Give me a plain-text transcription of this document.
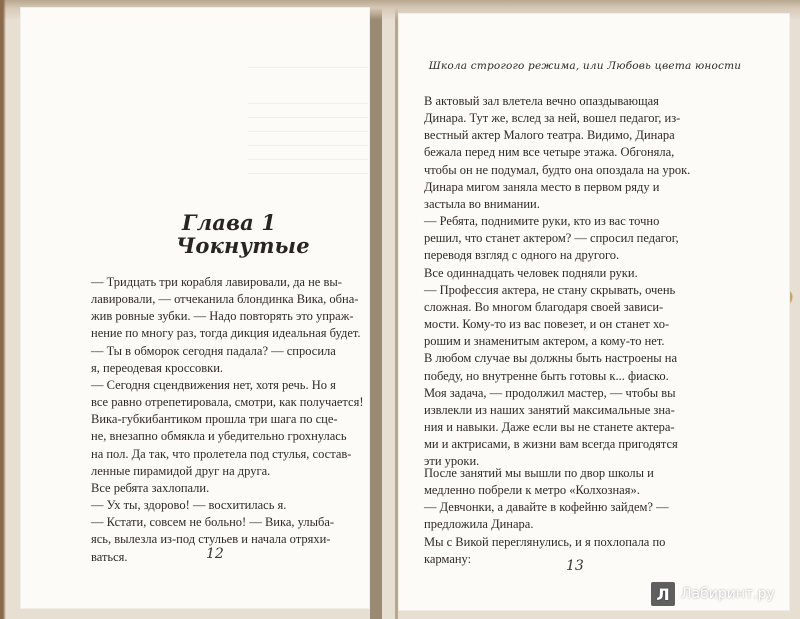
Школа строгого режима, или Любовь цвета юности
Глава 1
Чокнутые
— Тридцать три корабля лавировали, да не вы-
лавировали, — отчеканила блондинка Вика, обна-
жив ровные зубки. — Надо повторять это упраж-
нение по многу раз, тогда дикция идеальная будет.
— Ты в обморок сегодня падала? — спросила
я, переодевая кроссовки.
— Сегодня сцендвижения нет, хотя речь. Но я
все равно отрепетировала, смотри, как получается!
Вика-губкибантиком прошла три шага по сце-
не, внезапно обмякла и убедительно грохнулась
на пол. Да так, что пролетела под стулья, состав-
ленные пирамидой друг на друга.
Все ребята захлопали.
— Ух ты, здорово! — восхитилась я.
— Кстати, совсем не больно! — Вика, улыба-
ясь, вылезла из-под стульев и начала отряхи-
ваться.	12
В актовый зал влетела вечно опаздывающая
Динара. Тут же, вслед за ней, вошел педагог, из-
вестный актер Малого театра. Видимо, Динара
бежала перед ним все четыре этажа. Обгоняла,
чтобы он не подумал, будто она опоздала на урок.
Динара мигом заняла место в первом ряду и
застыла во внимании.
— Ребята, поднимите руки, кто из вас точно
решил, что станет актером? — спросил педагог,
переводя взгляд с одного на другого.
Все одиннадцать человек подняли руки.
— Профессия актера, не стану скрывать, очень
сложная. Во многом благодаря своей зависи-
мости. Кому-то из вас повезет, и он станет хо-
рошим и знаменитым актером, а кому-то нет.
В любом случае вы должны быть настроены на
победу, но внутренне быть готовы к... фиаско.
Моя задача, — продолжил мастер, — чтобы вы
извлекли из наших занятий максимальные зна-
ния и навыки. Даже если вы не станете актера-
ми и актрисами, в жизни вам всегда пригодятся
эти уроки.
После занятий мы вышли по двор школы и
медленно побрели к метро «Колхозная».
— Девчонки, а давайте в кофейню зайдем? —
предложила Динара.
Мы с Викой переглянулись, и я похлопала по
карману:	13
Л Лабиринт.ру
